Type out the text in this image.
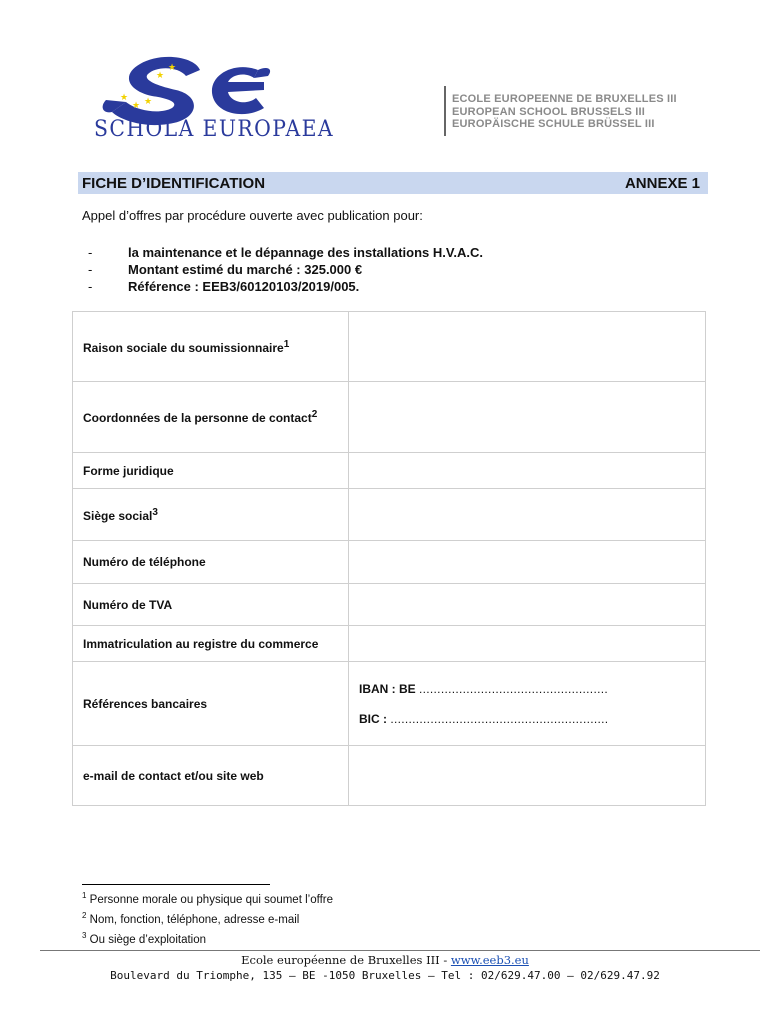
★ ★
★
★
★
SCHOLA EUROPAEA
ECOLE EUROPEENNE DE BRUXELLES III
EUROPEAN SCHOOL BRUSSELS III
EUROPÄISCHE SCHULE BRÜSSEL III
FICHE D’IDENTIFICATION	ANNEXE 1
Appel d’offres par procédure ouverte avec publication pour:
-	la maintenance et le dépannage des installations H.V.A.C.
-	Montant estimé du marché : 325.000 €
-	Référence : EEB3/60120103/2019/005.
Raison sociale du soumissionnaire$^1$	
Coordonnées de la personne de contact$^2$	
Forme juridique	
Siège social$^3$	
Numéro de téléphone	
Numéro de TVA	
Immatriculation au registre du commerce	
Références bancaires	IBAN : BE ....................................................
BIC : ............................................................

e-mail de contact et/ou site web	
$^1$ Personne morale ou physique qui soumet l’offre
$^2$ Nom, fonction, téléphone, adresse e-mail
$^3$ Ou siège d’exploitation
Ecole européenne de Bruxelles III - www.eeb3.eu
Boulevard du Triomphe, 135 – BE -1050 Bruxelles – Tel : 02/629.47.00 – 02/629.47.92
